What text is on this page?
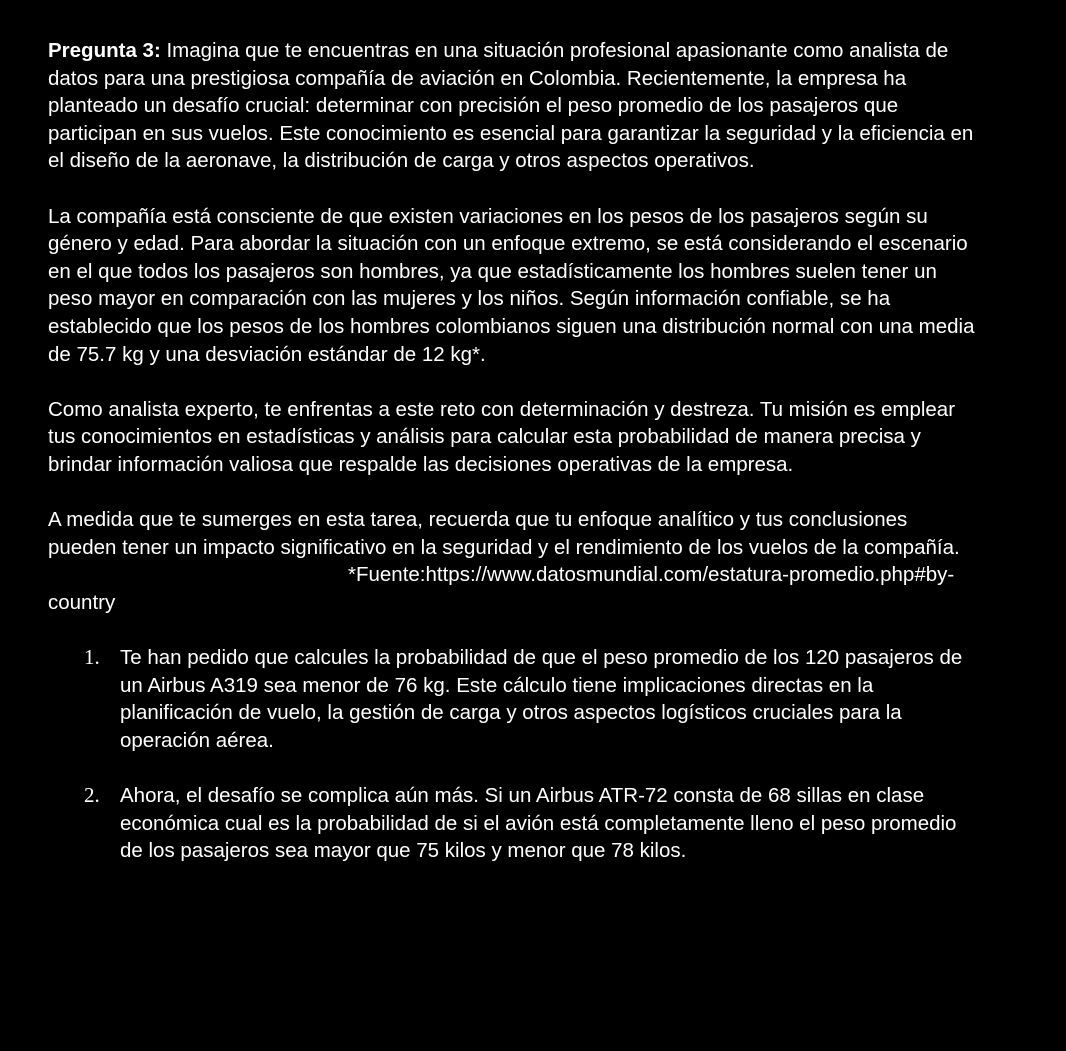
Pregunta 3: Imagina que te encuentras en una situación profesional apasionante como analista de datos para una prestigiosa compañía de aviación en Colombia. Recientemente, la empresa ha planteado un desafío crucial: determinar con precisión el peso promedio de los pasajeros que participan en sus vuelos. Este conocimiento es esencial para garantizar la seguridad y la eficiencia en el diseño de la aeronave, la distribución de carga y otros aspectos operativos.

La compañía está consciente de que existen variaciones en los pesos de los pasajeros según su género y edad. Para abordar la situación con un enfoque extremo, se está considerando el escenario en el que todos los pasajeros son hombres, ya que estadísticamente los hombres suelen tener un peso mayor en comparación con las mujeres y los niños. Según información confiable, se ha establecido que los pesos de los hombres colombianos siguen una distribución normal con una media de 75.7 kg y una desviación estándar de 12 kg*.

Como analista experto, te enfrentas a este reto con determinación y destreza. Tu misión es emplear tus conocimientos en estadísticas y análisis para calcular esta probabilidad de manera precisa y brindar información valiosa que respalde las decisiones operativas de la empresa.

A medida que te sumerges en esta tarea, recuerda que tu enfoque analítico y tus conclusiones pueden tener un impacto significativo en la seguridad y el rendimiento de los vuelos de la compañía.

*Fuente:https://www.datosmundial.com/estatura-promedio.php#by-country

1. Te han pedido que calcules la probabilidad de que el peso promedio de los 120 pasajeros de un Airbus A319 sea menor de 76 kg. Este cálculo tiene implicaciones directas en la planificación de vuelo, la gestión de carga y otros aspectos logísticos cruciales para la operación aérea.
2. Ahora, el desafío se complica aún más. Si un Airbus ATR-72 consta de 68 sillas en clase económica cual es la probabilidad de si el avión está completamente lleno el peso promedio de los pasajeros sea mayor que 75 kilos y menor que 78 kilos.
